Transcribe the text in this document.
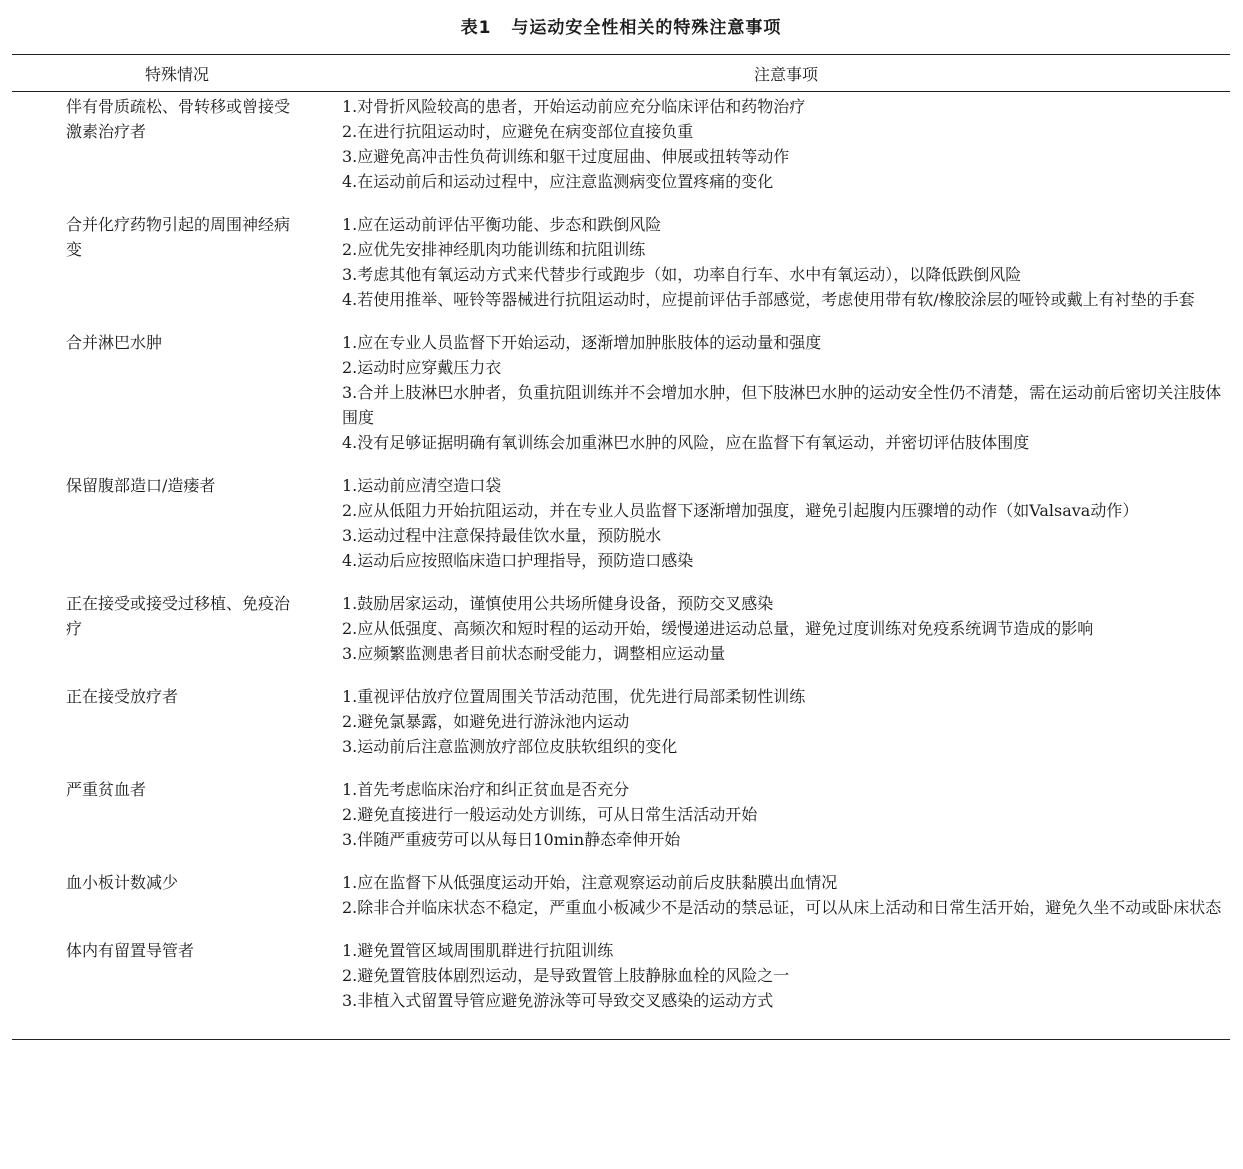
表1 与运动安全性相关的特殊注意事项
特殊情况	注意事项

伴有骨质疏松、骨转移或曾接受激素治疗者	1.对骨折风险较高的患者，开始运动前应充分临床评估和药物治疗
2.在进行抗阻运动时，应避免在病变部位直接负重
3.应避免高冲击性负荷训练和躯干过度屈曲、伸展或扭转等动作
4.在运动前后和运动过程中，应注意监测病变位置疼痛的变化

合并化疗药物引起的周围神经病变	1.应在运动前评估平衡功能、步态和跌倒风险
2.应优先安排神经肌肉功能训练和抗阻训练
3.考虑其他有氧运动方式来代替步行或跑步（如，功率自行车、水中有氧运动），以降低跌倒风险
4.若使用推举、哑铃等器械进行抗阻运动时，应提前评估手部感觉，考虑使用带有软/橡胶涂层的哑铃或戴上有衬垫的手套

合并淋巴水肿	1.应在专业人员监督下开始运动，逐渐增加肿胀肢体的运动量和强度
2.运动时应穿戴压力衣
3.合并上肢淋巴水肿者，负重抗阻训练并不会增加水肿，但下肢淋巴水肿的运动安全性仍不清楚，需在运动前后密切关注肢体围度
4.没有足够证据明确有氧训练会加重淋巴水肿的风险，应在监督下有氧运动，并密切评估肢体围度

保留腹部造口/造瘘者	1.运动前应清空造口袋
2.应从低阻力开始抗阻运动，并在专业人员监督下逐渐增加强度，避免引起腹内压骤增的动作（如Valsava动作）
3.运动过程中注意保持最佳饮水量，预防脱水
4.运动后应按照临床造口护理指导，预防造口感染

正在接受或接受过移植、免疫治疗	1.鼓励居家运动，谨慎使用公共场所健身设备，预防交叉感染
2.应从低强度、高频次和短时程的运动开始，缓慢递进运动总量，避免过度训练对免疫系统调节造成的影响
3.应频繁监测患者目前状态耐受能力，调整相应运动量

正在接受放疗者	1.重视评估放疗位置周围关节活动范围，优先进行局部柔韧性训练
2.避免氯暴露，如避免进行游泳池内运动
3.运动前后注意监测放疗部位皮肤软组织的变化

严重贫血者	1.首先考虑临床治疗和纠正贫血是否充分
2.避免直接进行一般运动处方训练，可从日常生活活动开始
3.伴随严重疲劳可以从每日10min静态牵伸开始

血小板计数减少	1.应在监督下从低强度运动开始，注意观察运动前后皮肤黏膜出血情况
2.除非合并临床状态不稳定，严重血小板减少不是活动的禁忌证，可以从床上活动和日常生活开始，避免久坐不动或卧床状态

体内有留置导管者	1.避免置管区域周围肌群进行抗阻训练
2.避免置管肢体剧烈运动，是导致置管上肢静脉血栓的风险之一
3.非植入式留置导管应避免游泳等可导致交叉感染的运动方式
